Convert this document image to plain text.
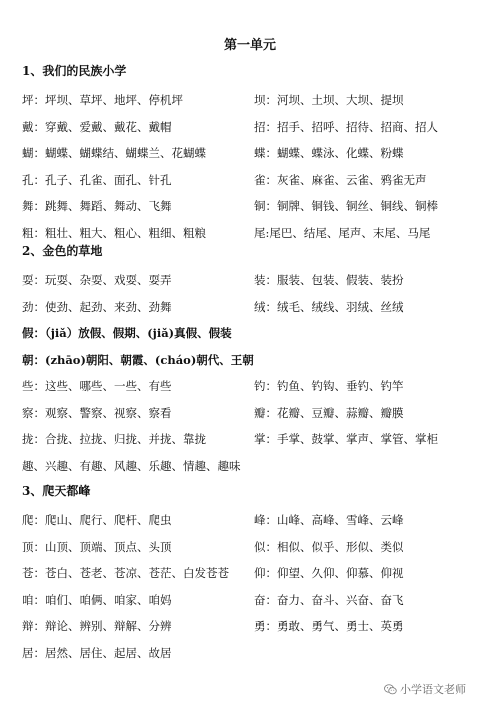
第一单元
1、我们的民族小学
坪：坪坝、草坪、地坪、停机坪	坝：河坝、土坝、大坝、提坝
戴：穿戴、爱戴、戴花、戴帽	招：招手、招呼、招待、招商、招人
蝴：蝴蝶、蝴蝶结、蝴蝶兰、花蝴蝶	蝶：蝴蝶、蝶泳、化蝶、粉蝶
孔：孔子、孔雀、面孔、针孔	雀：灰雀、麻雀、云雀、鸦雀无声
舞：跳舞、舞蹈、舞动、飞舞	铜：铜牌、铜钱、铜丝、铜线、铜棒
粗：粗壮、粗大、粗心、粗细、粗粮	尾:尾巴、结尾、尾声、末尾、马尾
2、金色的草地
耍：玩耍、杂耍、戏耍、耍弄	装：服装、包装、假装、装扮
劲：使劲、起劲、来劲、劲舞	绒：绒毛、绒线、羽绒、丝绒
假：（jiǎ）放假、假期、(jiǎ)真假、假装
朝：(zhāo)朝阳、朝霞、(cháo)朝代、王朝
些：这些、哪些、一些、有些	钓：钓鱼、钓钩、垂钓、钓竿
察：观察、警察、视察、察看	瓣：花瓣、豆瓣、蒜瓣、瓣膜
拢：合拢、拉拢、归拢、并拢、靠拢	掌：手掌、鼓掌、掌声、掌管、掌柜
趣、兴趣、有趣、风趣、乐趣、情趣、趣味
3、爬天都峰
爬：爬山、爬行、爬杆、爬虫	峰：山峰、高峰、雪峰、云峰
顶：山顶、顶端、顶点、头顶	似：相似、似乎、形似、类似
苍：苍白、苍老、苍凉、苍茫、白发苍苍 仰：仰望、久仰、仰慕、仰视
咱：咱们、咱俩、咱家、咱妈	奋：奋力、奋斗、兴奋、奋飞
辩：辩论、辨别、辩解、分辨	勇：勇敢、勇气、勇士、英勇
居：居然、居住、起居、故居
小学语文老师
